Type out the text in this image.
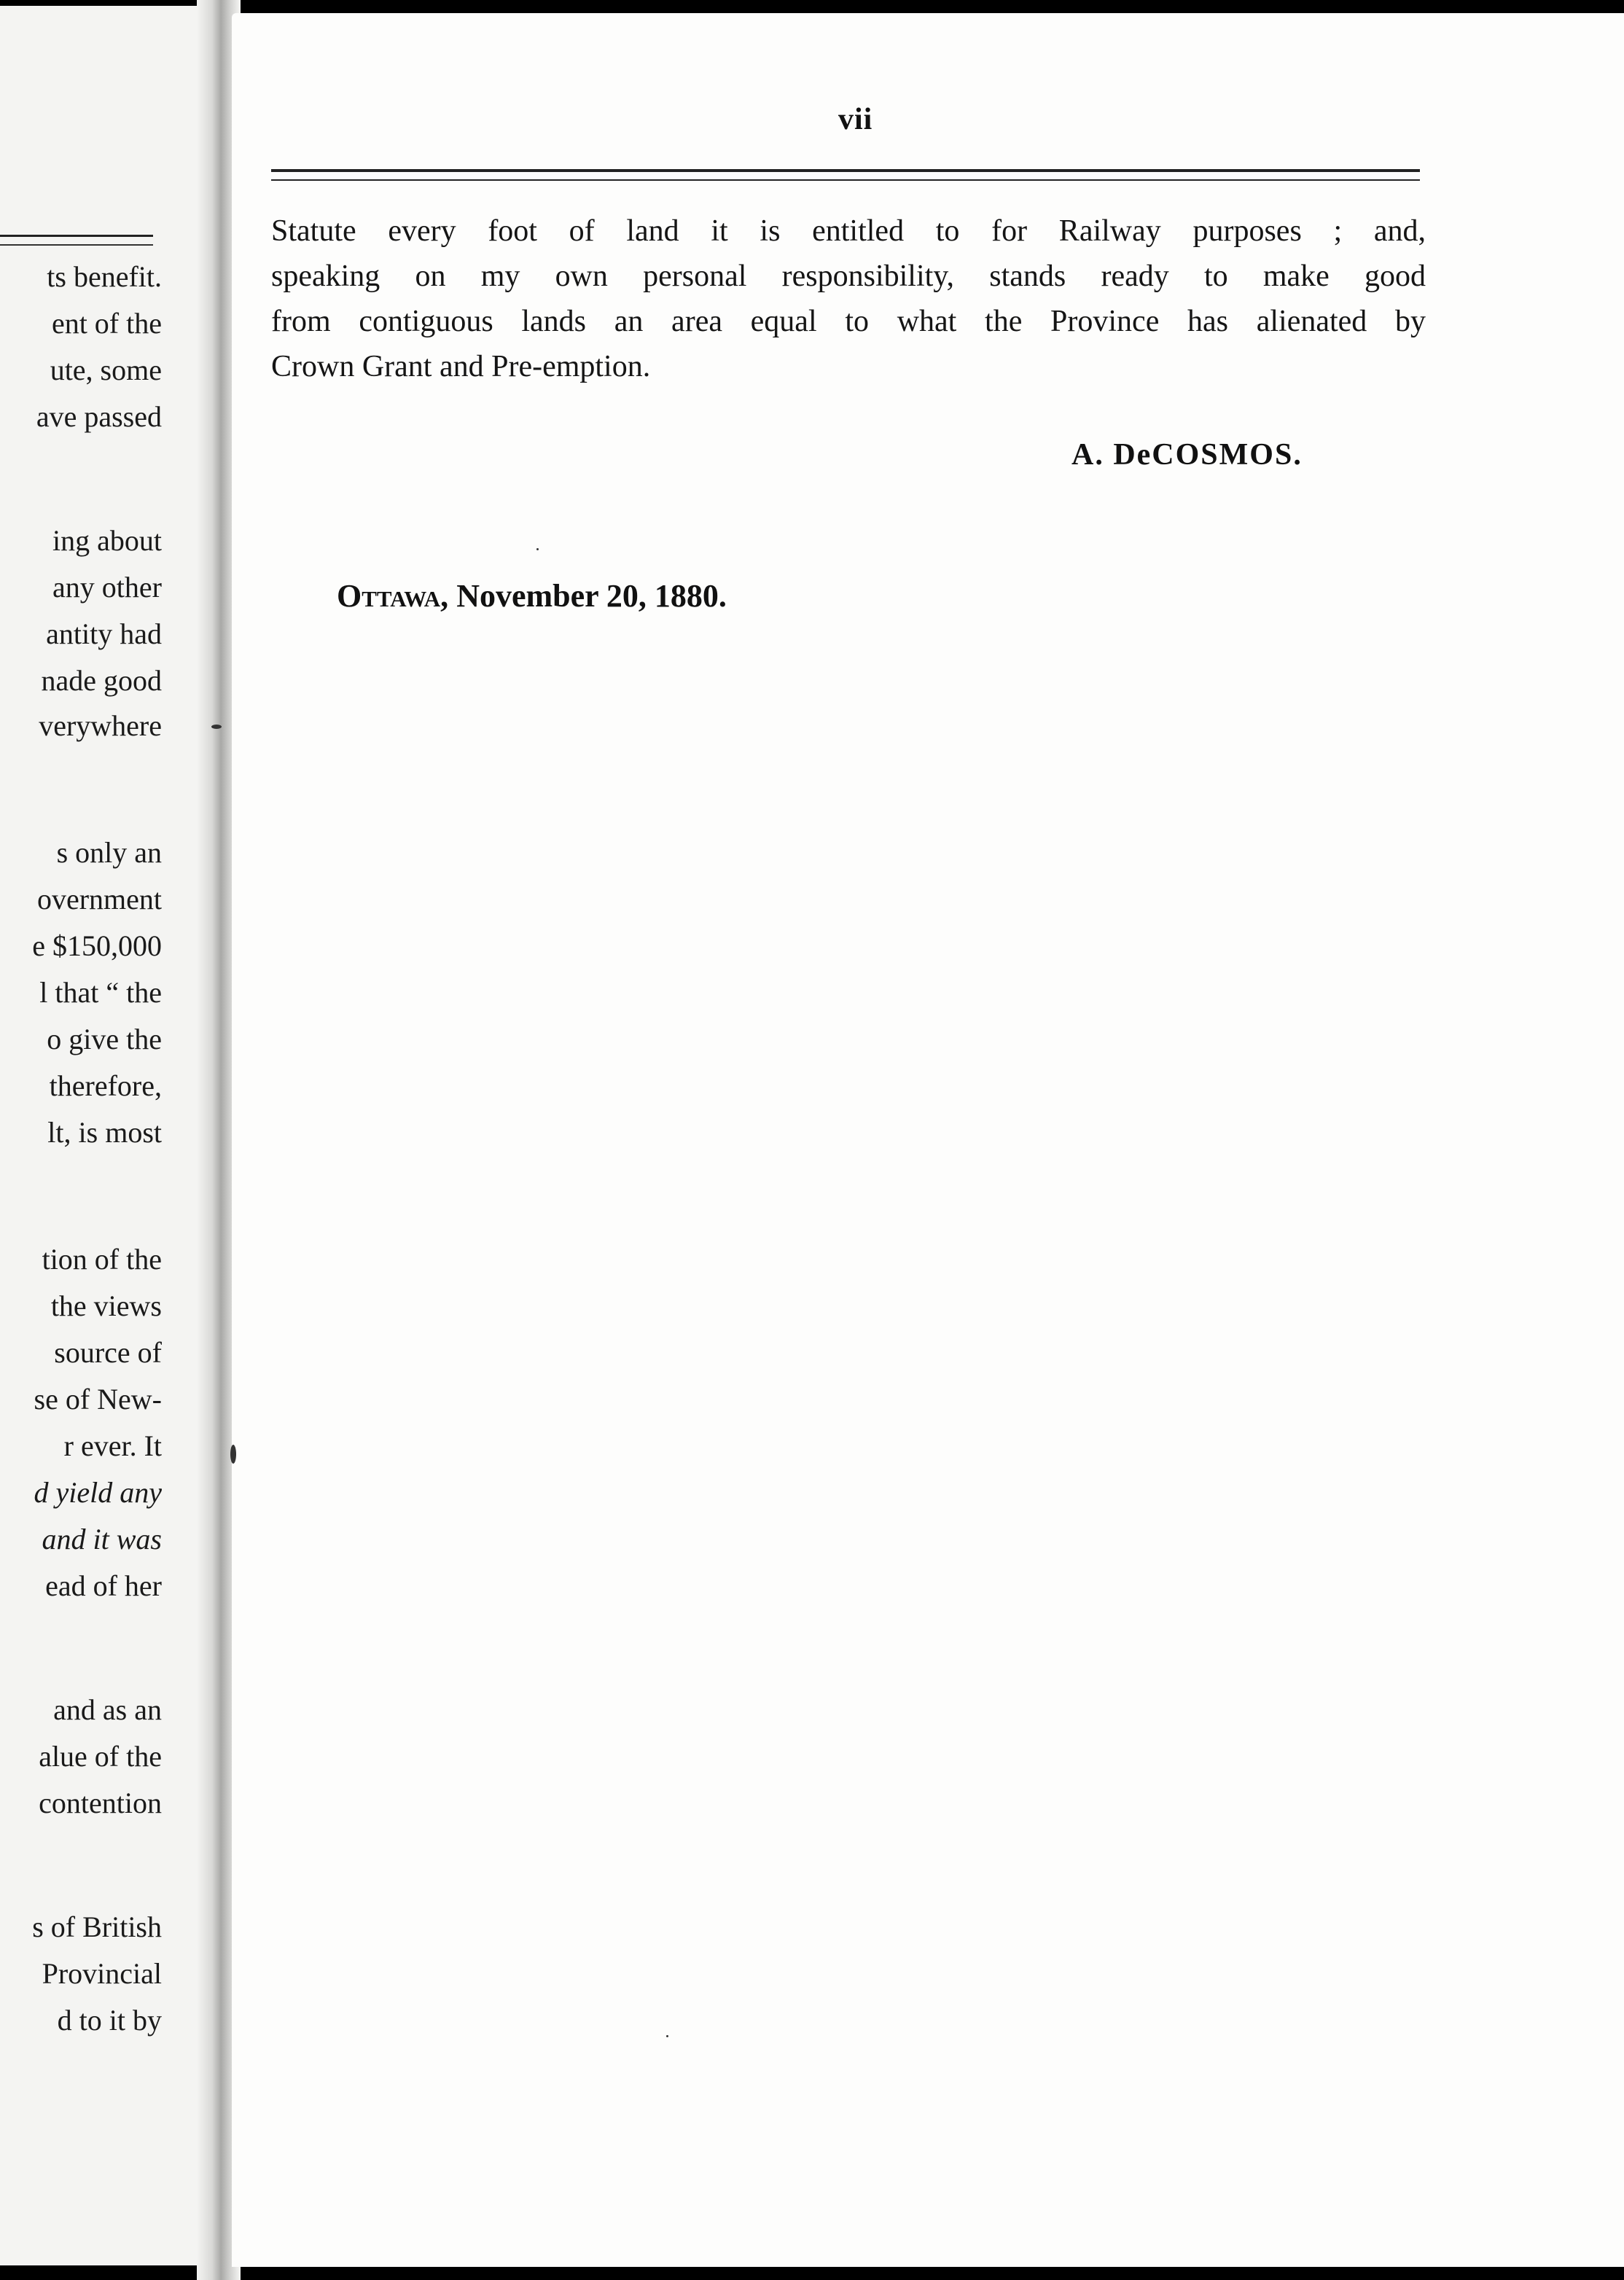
ts benefit.
ent of the
ute, some
ave passed
ing about
any other
antity had
nade good
verywhere
s only an
overnment
e $150,000
l that “ the
o give the
therefore,
lt, is most
tion of the
the views
source of
se of New-
r ever. It
d yield any
and it was
ead of her
and as an
alue of the
contention
s of British
Provincial
d to it by
vii
Statute every foot of land it is entitled to for Railway purposes ; and,
speaking on my own personal responsibility, stands ready to make good
from contiguous lands an area equal to what the Province has alienated by
Crown Grant and Pre-emption.
A. DeCOSMOS.
Ottawa, November 20, 1880.
